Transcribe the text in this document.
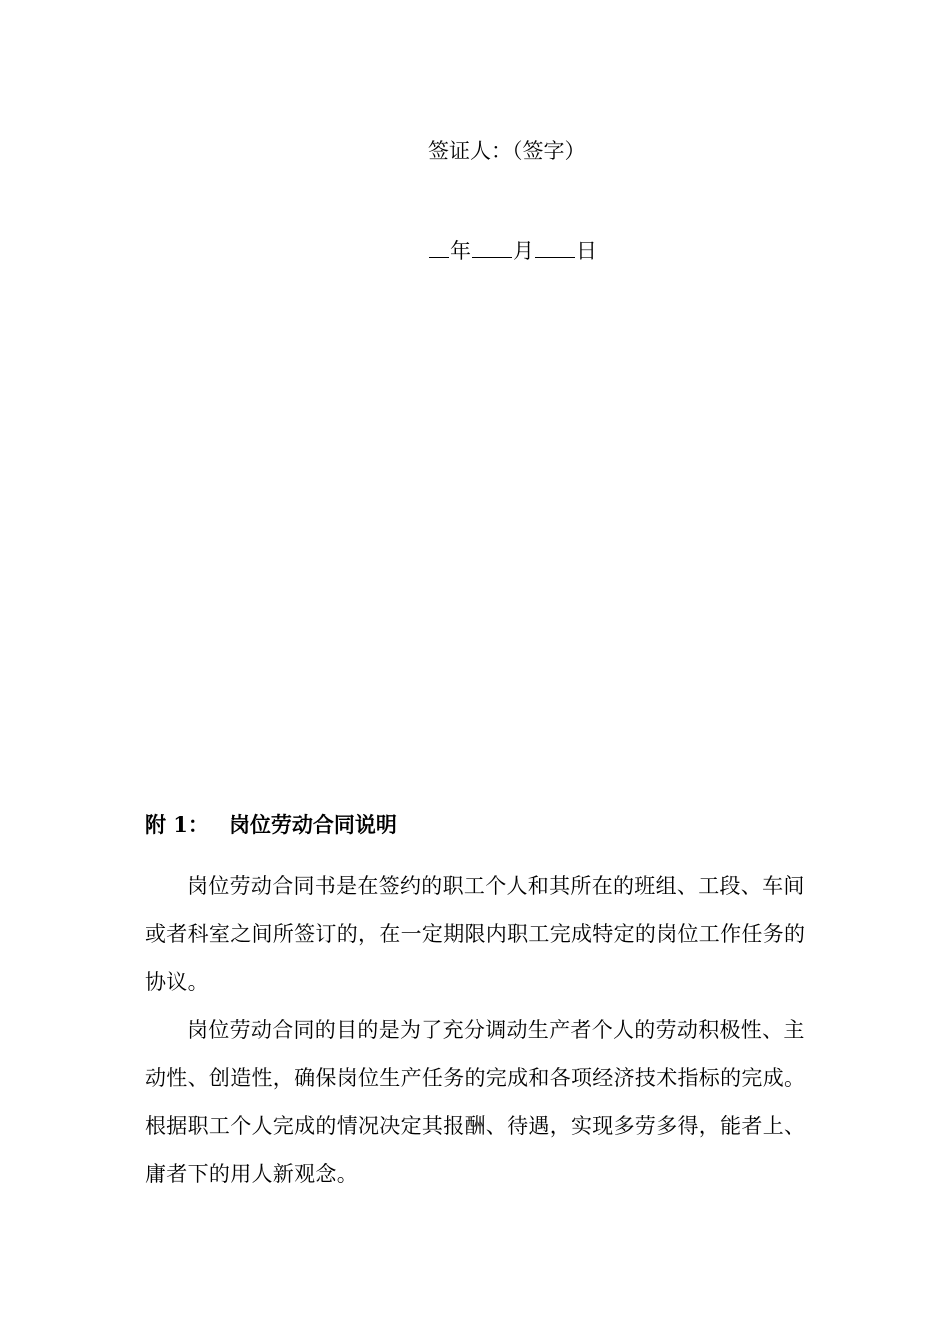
签证人：（签字）
年 月 日
附 1： 岗位劳动合同说明

岗位劳动合同书是在签约的职工个人和其所在的班组、工段、车间或者科室之间所签订的，在一定期限内职工完成特定的岗位工作任务的协议。

岗位劳动合同的目的是为了充分调动生产者个人的劳动积极性、主动性、创造性，确保岗位生产任务的完成和各项经济技术指标的完成。根据职工个人完成的情况决定其报酬、待遇，实现多劳多得，能者上、庸者下的用人新观念。
